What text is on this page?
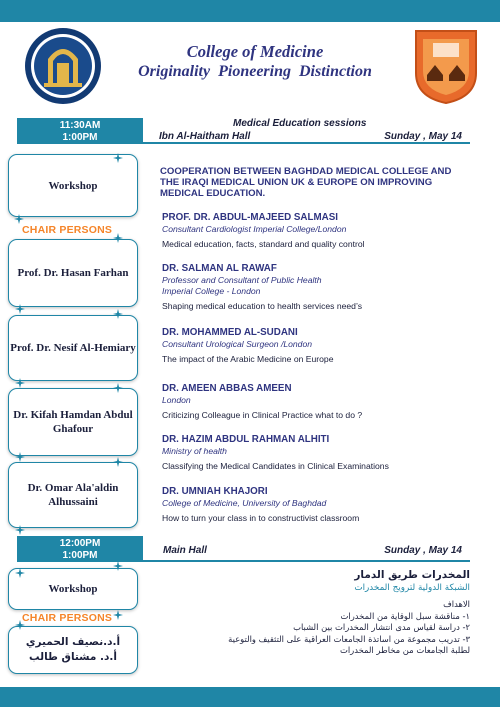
College of Medicine
Originality Pioneering Distinction
11:30AM
1:00PM
Medical Education sessions
Ibn Al-Haitham Hall	Sunday , May 14
Workshop
CHAIR PERSONS
Prof. Dr. Hasan Farhan
Prof. Dr. Nesif Al-Hemiary
Dr. Kifah Hamdan Abdul Ghafour
Dr. Omar Ala'aldin Alhussaini
COOPERATION BETWEEN BAGHDAD MEDICAL COLLEGE AND THE IRAQI MEDICAL UNION UK & EUROPE ON IMPROVING MEDICAL EDUCATION.
PROF. DR. ABDUL-MAJEED SALMASI
Consultant Cardiologist Imperial College/London
Medical education, facts, standard and quality control
DR. SALMAN AL RAWAF
Professor and Consultant of Public Health
Imperial College - London
Shaping medical education to health services need’s
DR. MOHAMMED AL-SUDANI
Consultant Urological Surgeon /London
The impact of the Arabic Medicine on Europe
DR. AMEEN ABBAS AMEEN
London
Criticizing Colleague in Clinical Practice what to do ?
DR. HAZIM ABDUL RAHMAN ALHITI
Ministry of health
Classifying the Medical Candidates in Clinical Examinations
DR. UMNIAH KHAJORI
College of Medicine, University of Baghdad
How to turn your class in to constructivist classroom
12:00PM
1:00PM	Main Hall	Sunday , May 14
Workshop
CHAIR PERSONS
أ.د.نصيف الحميري
أ.د. مشتاق طالب
المخدرات طريق الدمار
الشبكة الدولية لترويج المخدرات
الاهداف
١- مناقشة سبل الوقاية من المخدرات
٢- دراسة لقياس مدى انتشار المخدرات بين الشباب
٣- تدريب مجموعة من اساتذة الجامعات العراقية على التثقيف والتوعية
لطلبة الجامعات من مخاطر المخدرات
